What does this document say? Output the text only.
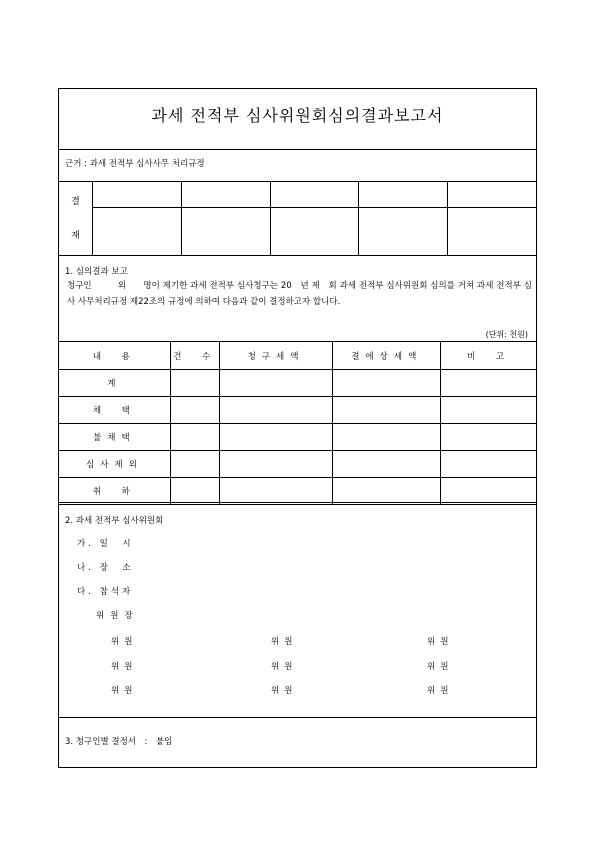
과세 전적부 심사위원회심의결과보고서
근거 : 과세 전적부 심사사무 처리규정
결
재					

1. 심의결과 보고
청구인　　　외　　명이 제기한 과세 전적부 심사청구는 20　년 제　회 과세 전적부 심사위원회 심의를 거쳐 과세 전적부 심사 사무처리규정 제22조의 규정에 의하여 다음과 같이 결정하고자 합니다.
(단위: 천원)
내　용	건　수	청구세액	결에상세액	비　고
계				
채　택				
불채택				
심사제외				
취　하				
2. 과세 전적부 심사위원회
가. 일　시
나. 장　소
다. 참석자
위원장
위원	위원	위원
위원	위원	위원
위원	위원	위원
3. 청구인별 결정서　:　붙임
